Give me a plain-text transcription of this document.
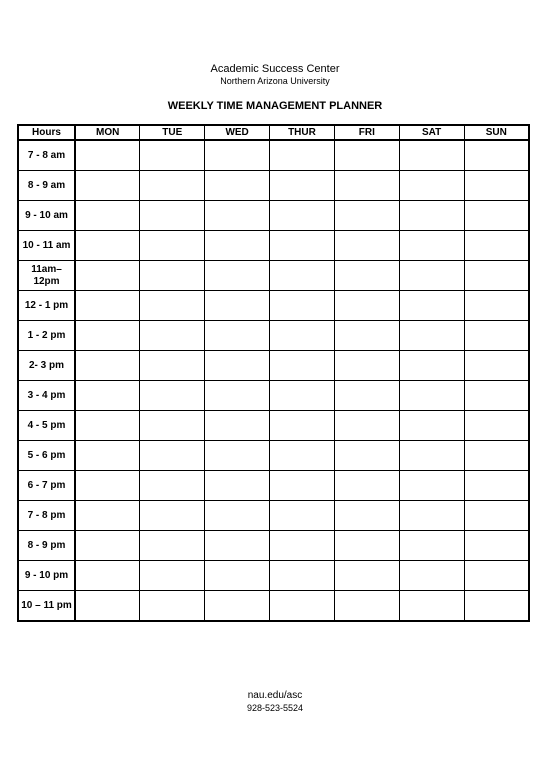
Academic Success Center
Northern Arizona University
WEEKLY TIME MANAGEMENT PLANNER
Hours	MON	TUE	WED	THUR	FRI	SAT	SUN
7 - 8 am							
8 - 9 am							
9 - 10 am							
10 - 11 am							
11am–12pm							
12 - 1 pm							
1 - 2 pm							
2- 3 pm							
3 - 4 pm							
4 - 5 pm							
5 - 6 pm							
6 - 7 pm							
7 - 8 pm							
8 - 9 pm							
9 - 10 pm							
10 – 11 pm							
nau.edu/asc
928-523-5524
